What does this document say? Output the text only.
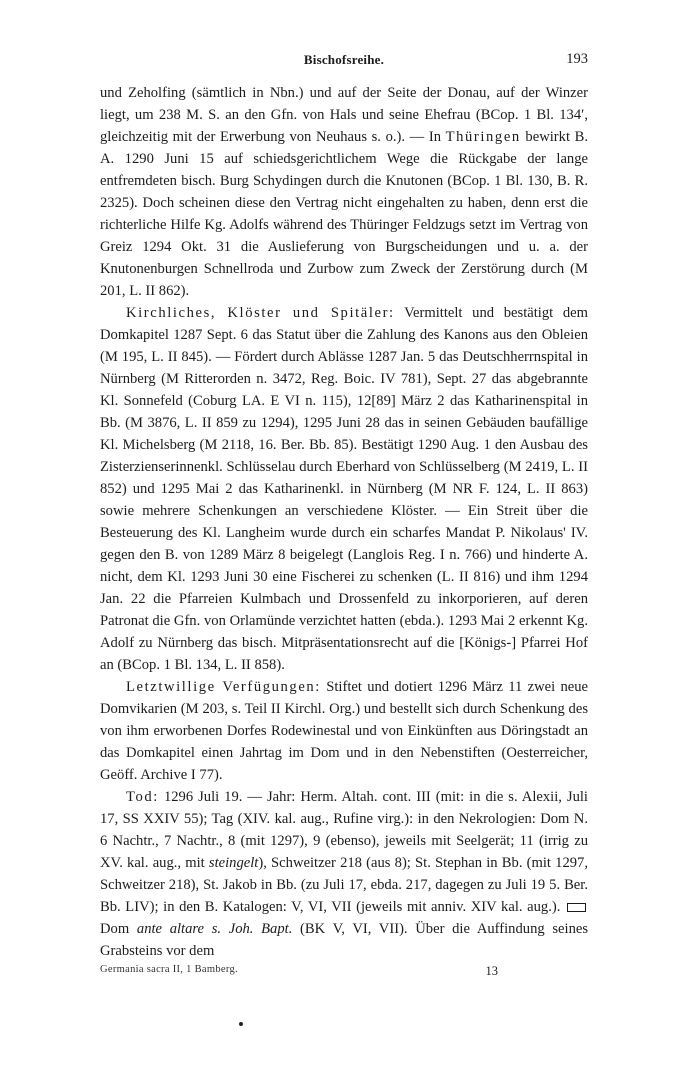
Bischofsreihe.	193

und Zeholfing (sämtlich in Nbn.) und auf der Seite der Donau, auf der Winzer liegt, um 238 M. S. an den Gfn. von Hals und seine Ehefrau (BCop. 1 Bl. 134′, gleichzeitig mit der Erwerbung von Neuhaus s. o.). — In Thüringen bewirkt B. A. 1290 Juni 15 auf schiedsgerichtlichem Wege die Rückgabe der lange entfremdeten bisch. Burg Schydingen durch die Knutonen (BCop. 1 Bl. 130, B. R. 2325). Doch scheinen diese den Vertrag nicht eingehalten zu haben, denn erst die richterliche Hilfe Kg. Adolfs während des Thüringer Feldzugs setzt im Vertrag von Greiz 1294 Okt. 31 die Auslieferung von Burgscheidungen und u. a. der Knutonenburgen Schnellroda und Zurbow zum Zweck der Zerstörung durch (M 201, L. II 862).

Kirchliches, Klöster und Spitäler: Vermittelt und bestätigt dem Domkapitel 1287 Sept. 6 das Statut über die Zahlung des Kanons aus den Obleien (M 195, L. II 845). — Fördert durch Ablässe 1287 Jan. 5 das Deutschherrnspital in Nürnberg (M Ritterorden n. 3472, Reg. Boic. IV 781), Sept. 27 das abgebrannte Kl. Sonnefeld (Coburg LA. E VI n. 115), 12[89] März 2 das Katharinenspital in Bb. (M 3876, L. II 859 zu 1294), 1295 Juni 28 das in seinen Gebäuden baufällige Kl. Michelsberg (M 2118, 16. Ber. Bb. 85). Bestätigt 1290 Aug. 1 den Ausbau des Zisterzienserinnenkl. Schlüsselau durch Eberhard von Schlüsselberg (M 2419, L. II 852) und 1295 Mai 2 das Katharinenkl. in Nürnberg (M NR F. 124, L. II 863) sowie mehrere Schenkungen an verschiedene Klöster. — Ein Streit über die Besteuerung des Kl. Langheim wurde durch ein scharfes Mandat P. Nikolaus' IV. gegen den B. von 1289 März 8 beigelegt (Langlois Reg. I n. 766) und hinderte A. nicht, dem Kl. 1293 Juni 30 eine Fischerei zu schenken (L. II 816) und ihm 1294 Jan. 22 die Pfarreien Kulmbach und Drossenfeld zu inkorporieren, auf deren Patronat die Gfn. von Orlamünde verzichtet hatten (ebda.). 1293 Mai 2 erkennt Kg. Adolf zu Nürnberg das bisch. Mitpräsentationsrecht auf die [Königs-] Pfarrei Hof an (BCop. 1 Bl. 134, L. II 858).

Letztwillige Verfügungen: Stiftet und dotiert 1296 März 11 zwei neue Domvikarien (M 203, s. Teil II Kirchl. Org.) und bestellt sich durch Schenkung des von ihm erworbenen Dorfes Rodewinestal und von Einkünften aus Döringstadt an das Domkapitel einen Jahrtag im Dom und in den Nebenstiften (Oesterreicher, Geöff. Archive I 77).

Tod: 1296 Juli 19. — Jahr: Herm. Altah. cont. III (mit: in die s. Alexii, Juli 17, SS XXIV 55); Tag (XIV. kal. aug., Rufine virg.): in den Nekrologien: Dom N. 6 Nachtr., 7 Nachtr., 8 (mit 1297), 9 (ebenso), jeweils mit Seelgerät; 11 (irrig zu XV. kal. aug., mit steingelt), Schweitzer 218 (aus 8); St. Stephan in Bb. (mit 1297, Schweitzer 218), St. Jakob in Bb. (zu Juli 17, ebda. 217, dagegen zu Juli 19 5. Ber. Bb. LIV); in den B. Katalogen: V, VI, VII (jeweils mit anniv. XIV kal. aug.).  Dom ante altare s. Joh. Bapt. (BK V, VI, VII). Über die Auffindung seines Grabsteins vor dem

Germania sacra II, 1 Bamberg.	13
